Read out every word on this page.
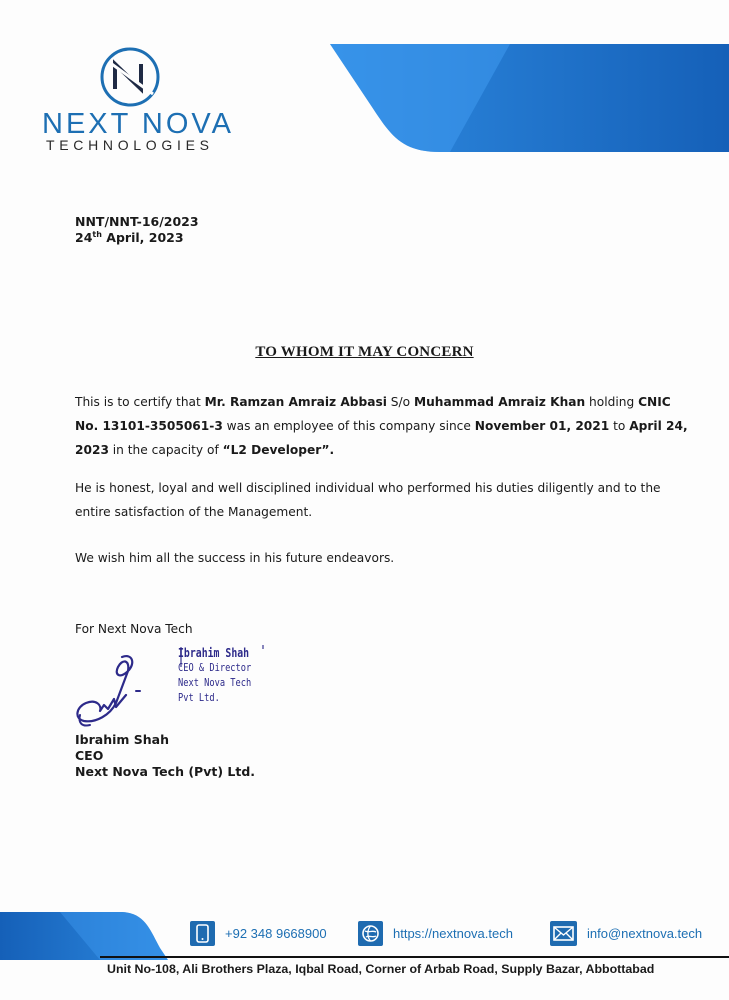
NEXT NOVA
TECHNOLOGIES
NNT/NNT-16/2023
24th April, 2023
TO WHOM IT MAY CONCERN
This is to certify that Mr. Ramzan Amraiz Abbasi S/o Muhammad Amraiz Khan holding CNIC
No. 13101-3505061-3 was an employee of this company since November 01, 2021 to April 24,
2023 in the capacity of “L2 Developer”.
He is honest, loyal and well disciplined individual who performed his duties diligently and to the
entire satisfaction of the Management.
We wish him all the success in his future endeavors.
For Next Nova Tech
Ibrahim Shah
CEO & Director
Next Nova Tech
Pvt Ltd.
Ibrahim Shah
CEO
Next Nova Tech (Pvt) Ltd.
+92 348 9668900	https://nextnova.tech	info@nextnova.tech
Unit No-108, Ali Brothers Plaza, Iqbal Road, Corner of Arbab Road, Supply Bazar, Abbottabad
